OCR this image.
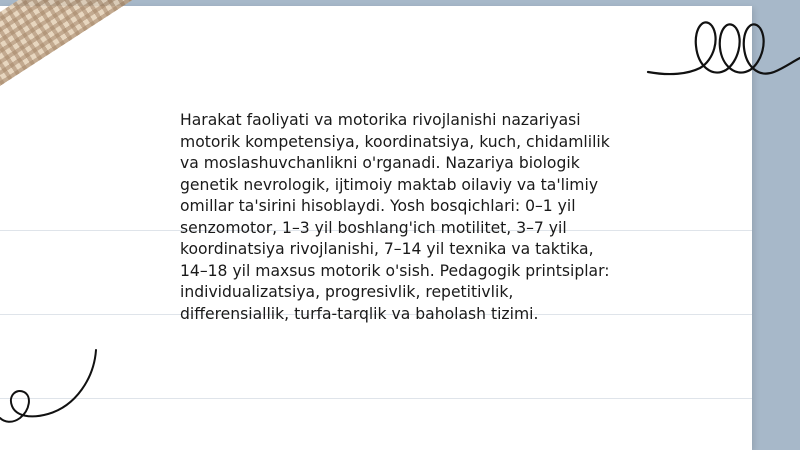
Harakat faoliyati va motorika rivojlanishi nazariyasi motorik kompetensiya, koordinatsiya, kuch, chidamlilik va moslashuvchanlikni o'rganadi. Nazariya biologik genetik nevrologik, ijtimoiy maktab oilaviy va ta'limiy omillar ta'sirini hisoblaydi. Yosh bosqichlari: 0–1 yil senzomotor, 1–3 yil boshlang'ich motilitet, 3–7 yil koordinatsiya rivojlanishi, 7–14 yil texnika va taktika, 14–18 yil maxsus motorik o'sish. Pedagogik printsiplar: individualizatsiya, progresivlik, repetitivlik, differensiallik, turfa-tarqlik va baholash tizimi.
